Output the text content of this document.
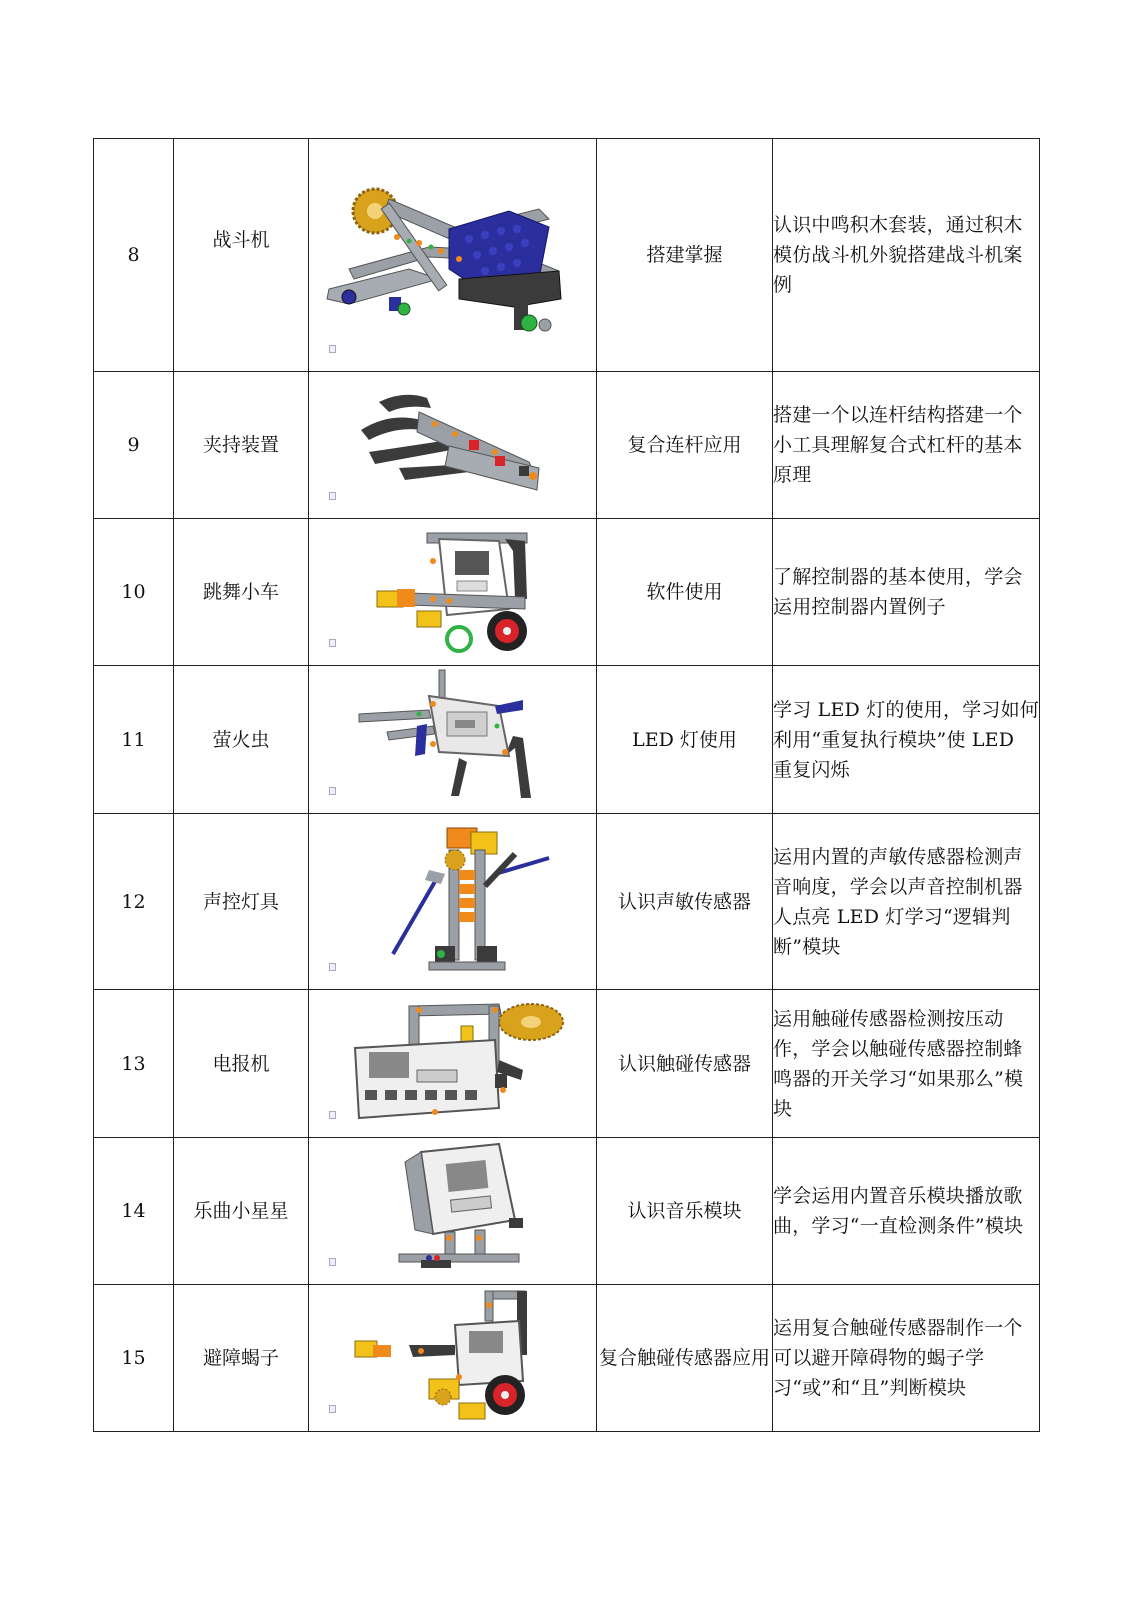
8	战斗机		搭建掌握	认识中鸣积木套装，通过积木模仿战斗机外貌搭建战斗机案例
9	夹持装置		复合连杆应用	搭建一个以连杆结构搭建一个小工具理解复合式杠杆的基本原理
10	跳舞小车		软件使用	了解控制器的基本使用，学会运用控制器内置例子
11	萤火虫		LED 灯使用	学习 LED 灯的使用，学习如何利用“重复执行模块”使 LED 重复闪烁
12	声控灯具		认识声敏传感器	运用内置的声敏传感器检测声音响度，学会以声音控制机器人点亮 LED 灯学习“逻辑判断”模块
13	电报机		认识触碰传感器	运用触碰传感器检测按压动作，学会以触碰传感器控制蜂鸣器的开关学习“如果那么”模块
14	乐曲小星星		认识音乐模块	学会运用内置音乐模块播放歌曲，学习“一直检测条件”模块
15	避障蝎子		复合触碰传感器应用	运用复合触碰传感器制作一个可以避开障碍物的蝎子学习“或”和“且”判断模块
